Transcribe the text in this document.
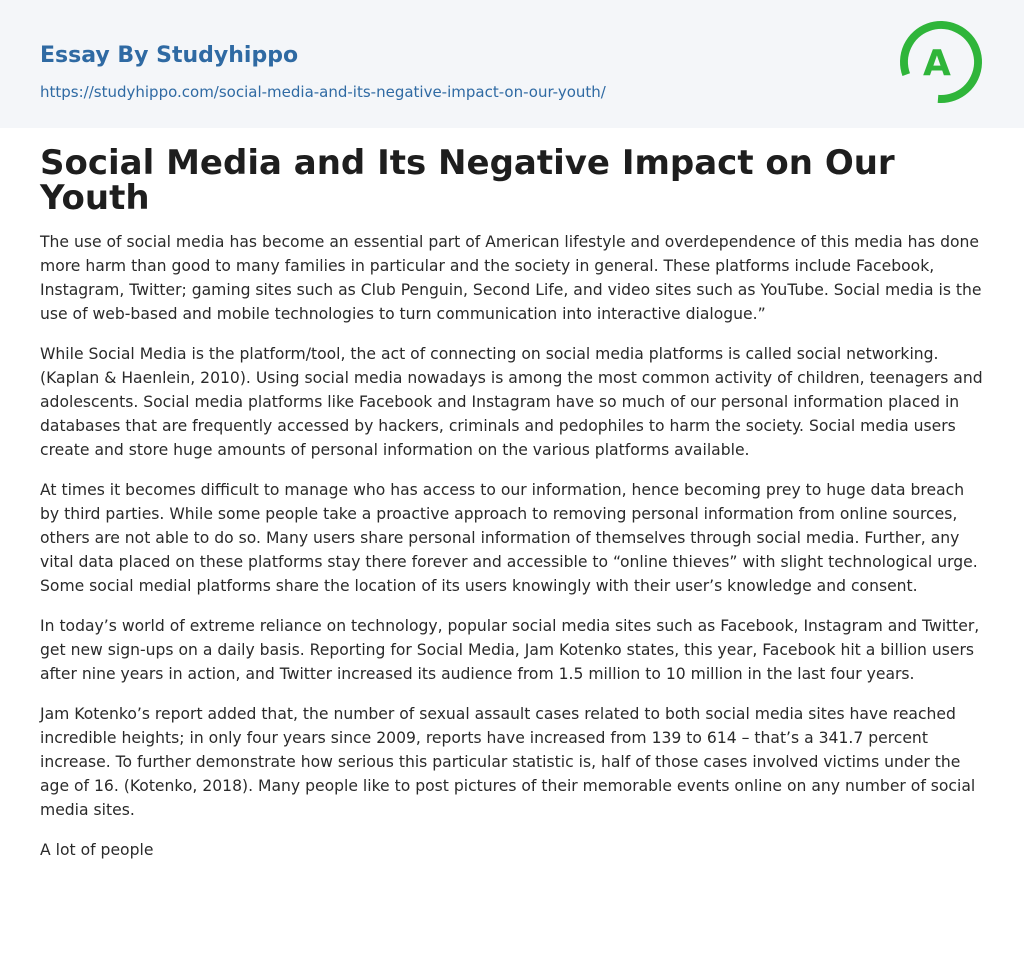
Essay By Studyhippo
https://studyhippo.com/social-media-and-its-negative-impact-on-our-youth/
A
Social Media and Its Negative Impact on Our Youth

The use of social media has become an essential part of American lifestyle and overdependence of this media has done more harm than good to many families in particular and the society in general. These platforms include Facebook, Instagram, Twitter; gaming sites such as Club Penguin, Second Life, and video sites such as YouTube. Social media is the use of web-based and mobile technologies to turn communication into interactive dialogue.”

While Social Media is the platform/tool, the act of connecting on social media platforms is called social networking. (Kaplan & Haenlein, 2010). Using social media nowadays is among the most common activity of children, teenagers and adolescents. Social media platforms like Facebook and Instagram have so much of our personal information placed in databases that are frequently accessed by hackers, criminals and pedophiles to harm the society. Social media users create and store huge amounts of personal information on the various platforms available.

At times it becomes difficult to manage who has access to our information, hence becoming prey to huge data breach by third parties. While some people take a proactive approach to removing personal information from online sources, others are not able to do so. Many users share personal information of themselves through social media. Further, any vital data placed on these platforms stay there forever and accessible to “online thieves” with slight technological urge. Some social medial platforms share the location of its users knowingly with their user’s knowledge and consent.

In today’s world of extreme reliance on technology, popular social media sites such as Facebook, Instagram and Twitter, get new sign-ups on a daily basis. Reporting for Social Media, Jam Kotenko states, this year, Facebook hit a billion users after nine years in action, and Twitter increased its audience from 1.5 million to 10 million in the last four years.

Jam Kotenko’s report added that, the number of sexual assault cases related to both social media sites have reached incredible heights; in only four years since 2009, reports have increased from 139 to 614 – that’s a 341.7 percent increase. To further demonstrate how serious this particular statistic is, half of those cases involved victims under the age of 16. (Kotenko, 2018). Many people like to post pictures of their memorable events online on any number of social media sites.

A lot of people
